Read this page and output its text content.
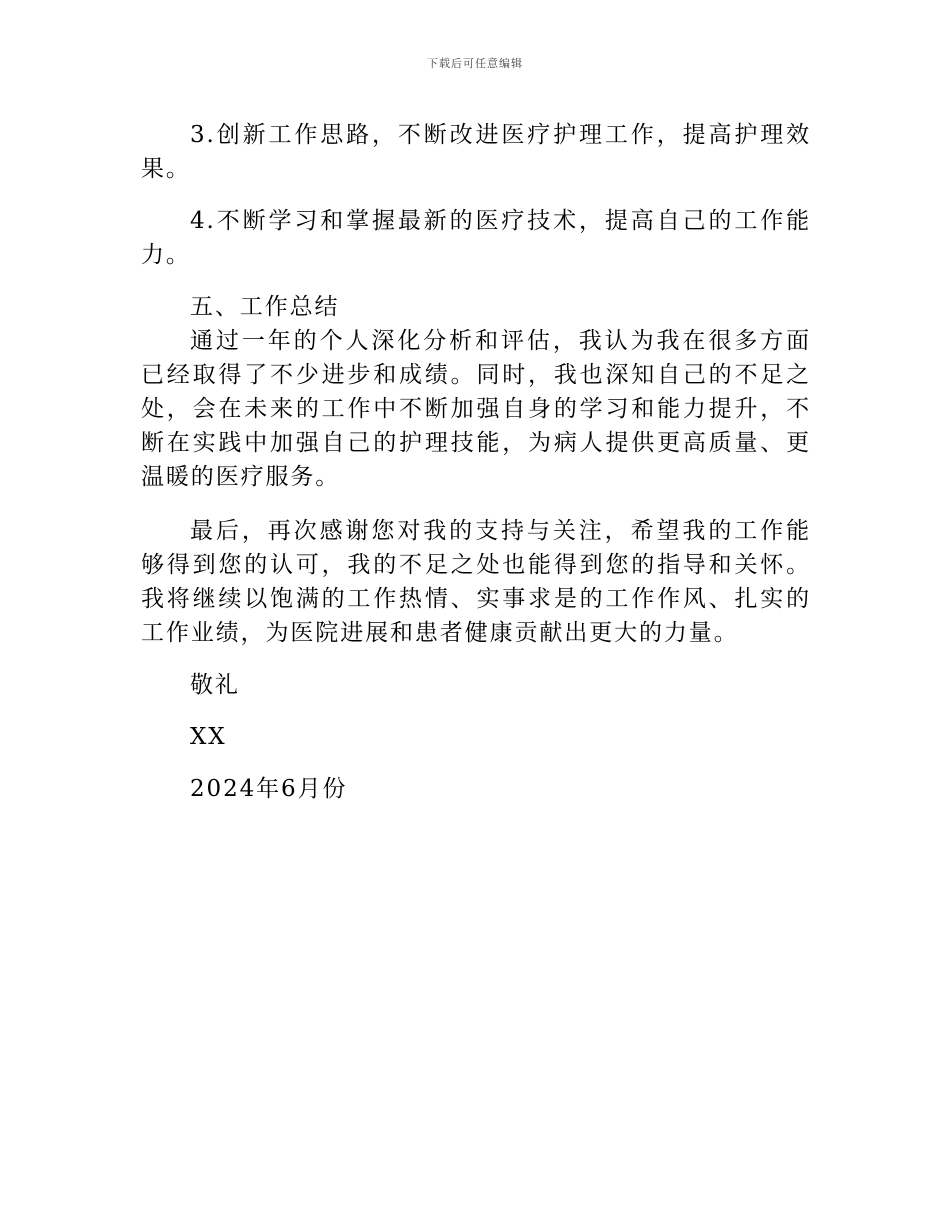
下载后可任意编辑

3.创新工作思路，不断改进医疗护理工作，提高护理效果。

4.不断学习和掌握最新的医疗技术，提高自己的工作能力。

五、工作总结

通过一年的个人深化分析和评估，我认为我在很多方面已经取得了不少进步和成绩。同时，我也深知自己的不足之处，会在未来的工作中不断加强自身的学习和能力提升，不断在实践中加强自己的护理技能，为病人提供更高质量、更温暖的医疗服务。

最后，再次感谢您对我的支持与关注，希望我的工作能够得到您的认可，我的不足之处也能得到您的指导和关怀。我将继续以饱满的工作热情、实事求是的工作作风、扎实的工作业绩，为医院进展和患者健康贡献出更大的力量。

敬礼

XX

2024年6月份
